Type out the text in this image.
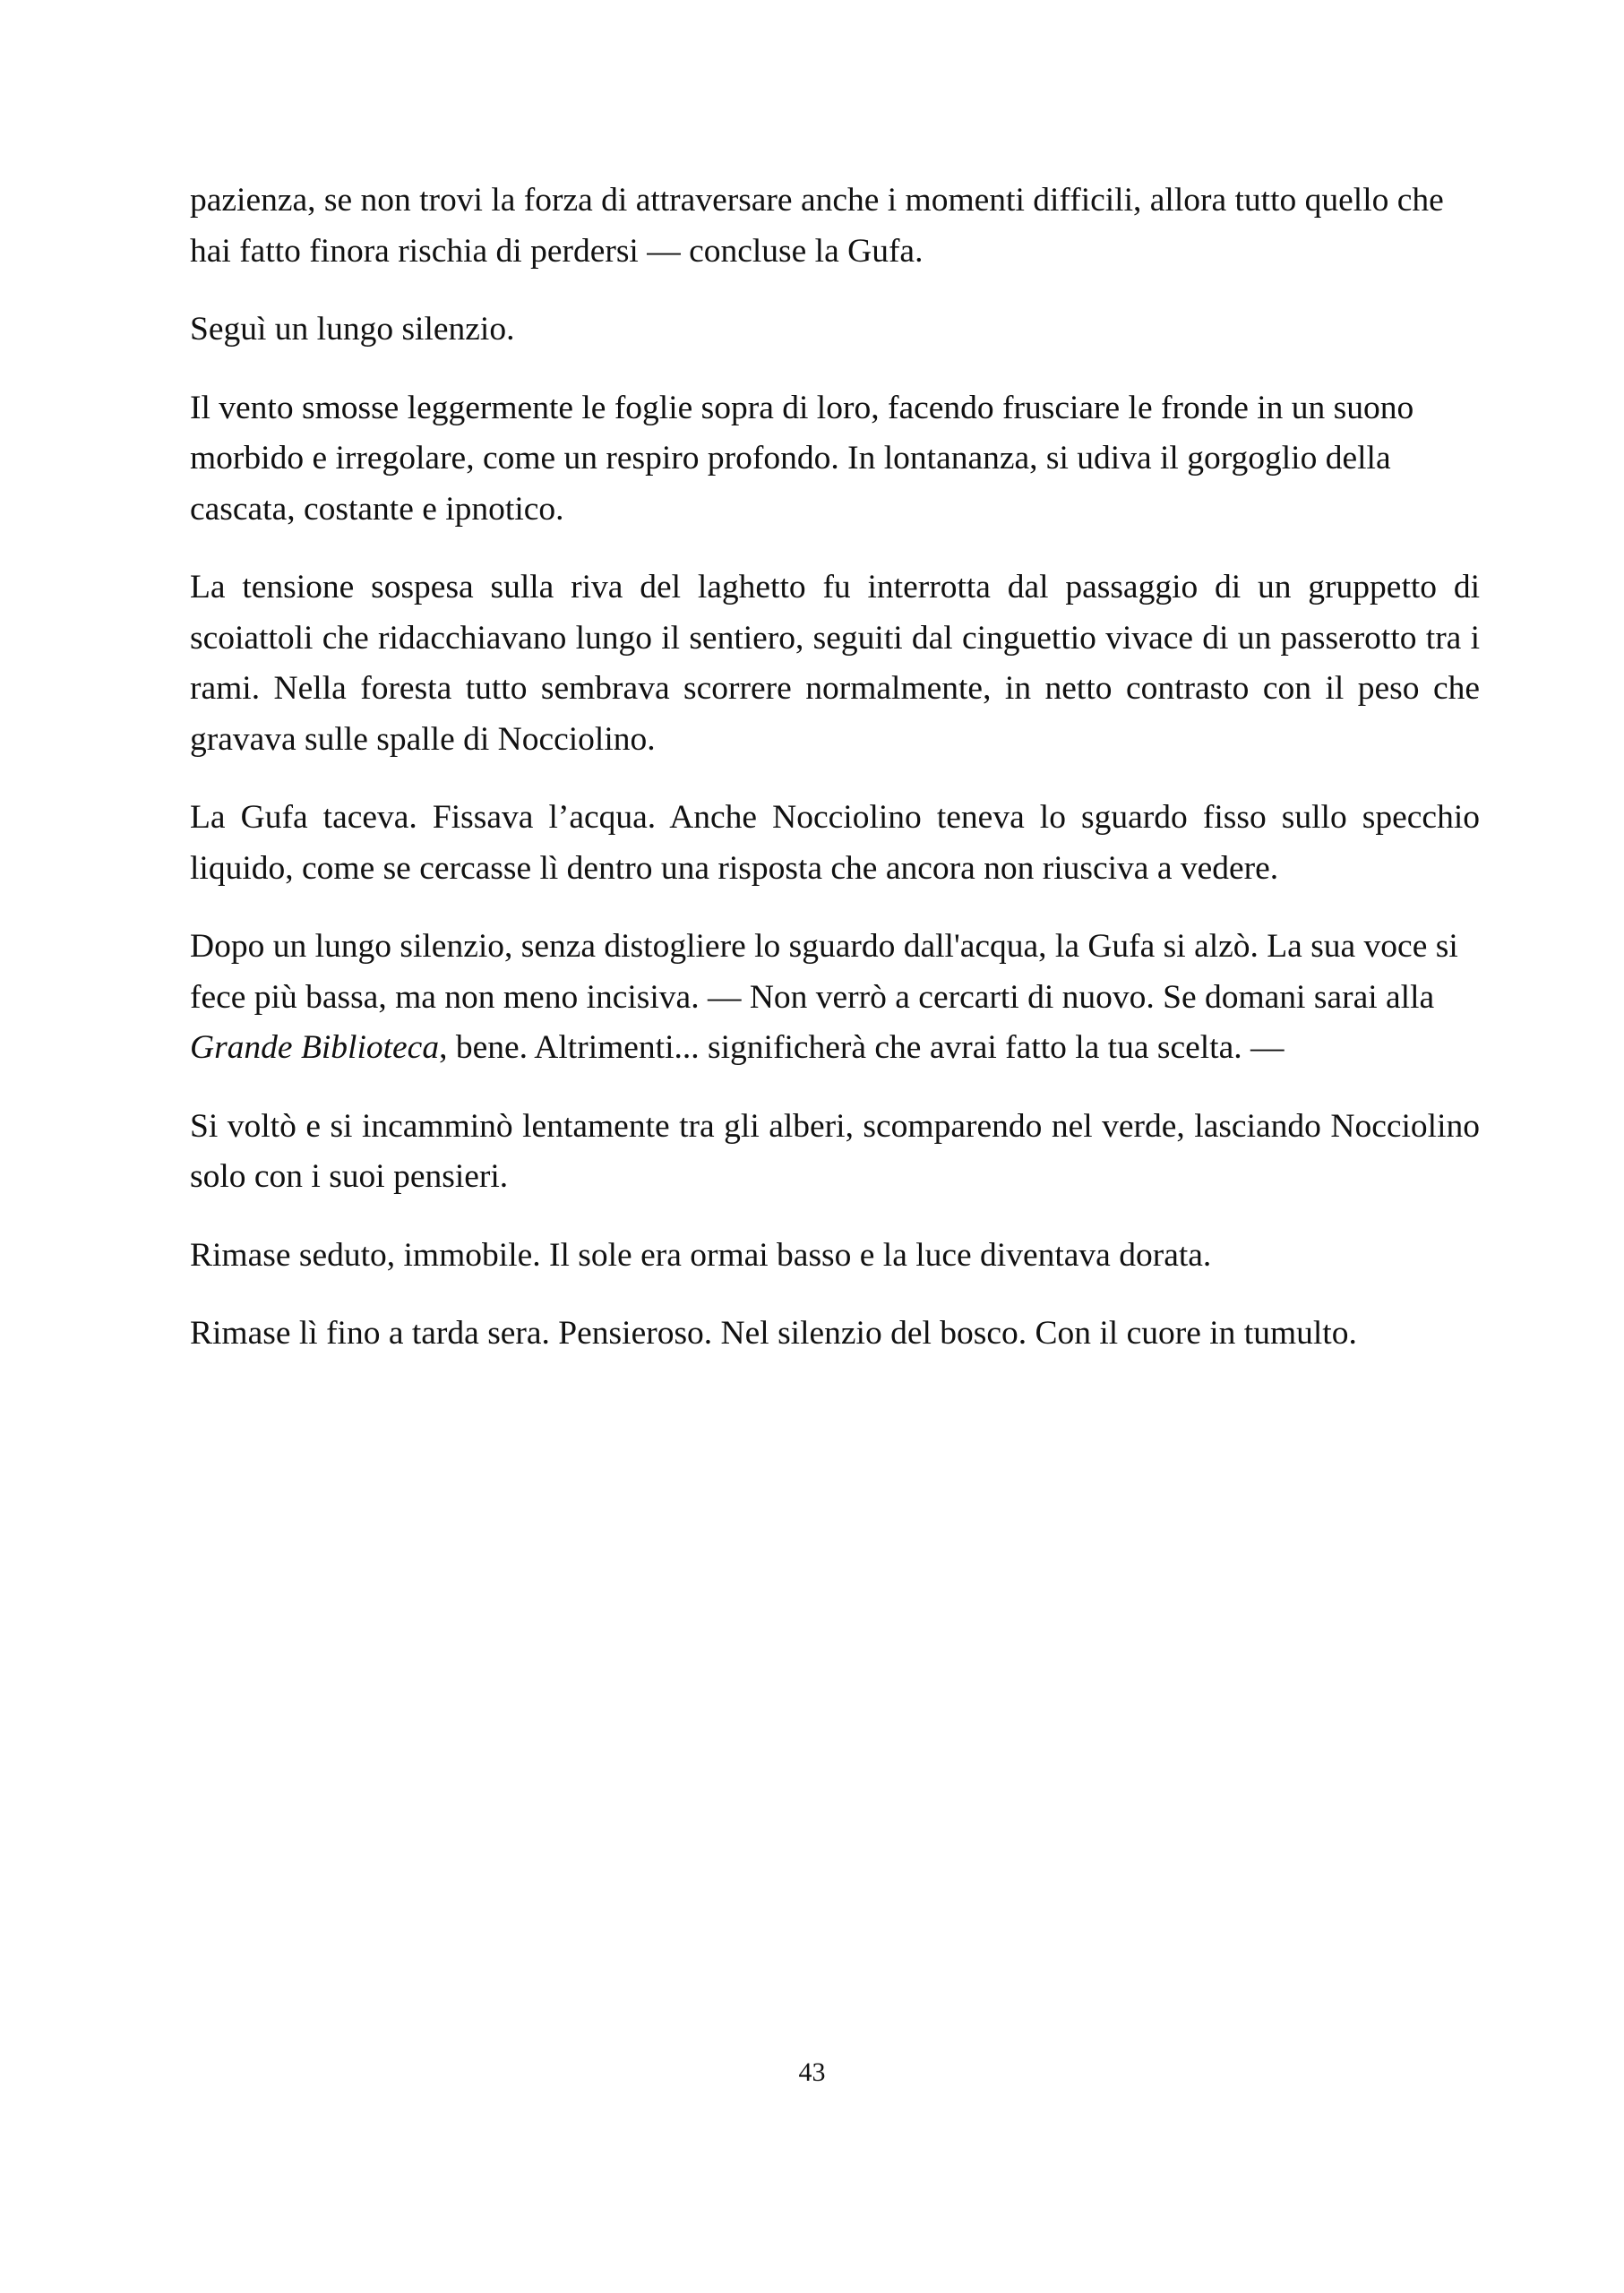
pazienza, se non trovi la forza di attraversare anche i momenti difficili, allora tutto quello che hai fatto finora rischia di perdersi — concluse la Gufa.

Seguì un lungo silenzio.

Il vento smosse leggermente le foglie sopra di loro, facendo frusciare le fronde in un suono morbido e irregolare, come un respiro profondo. In lontananza, si udiva il gorgoglio della cascata, costante e ipnotico.

La tensione sospesa sulla riva del laghetto fu interrotta dal passaggio di un gruppetto di scoiattoli che ridacchiavano lungo il sentiero, seguiti dal cinguettio vivace di un passerotto tra i rami. Nella foresta tutto sembrava scorrere normalmente, in netto contrasto con il peso che gravava sulle spalle di Nocciolino.

La Gufa taceva. Fissava l’acqua. Anche Nocciolino teneva lo sguardo fisso sullo specchio liquido, come se cercasse lì dentro una risposta che ancora non riusciva a vedere.

Dopo un lungo silenzio, senza distogliere lo sguardo dall'acqua, la Gufa si alzò. La sua voce si fece più bassa, ma non meno incisiva. — Non verrò a cercarti di nuovo. Se domani sarai alla Grande Biblioteca, bene. Altrimenti... significherà che avrai fatto la tua scelta. —

Si voltò e si incamminò lentamente tra gli alberi, scomparendo nel verde, lasciando Nocciolino solo con i suoi pensieri.

Rimase seduto, immobile. Il sole era ormai basso e la luce diventava dorata.

Rimase lì fino a tarda sera. Pensieroso. Nel silenzio del bosco. Con il cuore in tumulto.

43
